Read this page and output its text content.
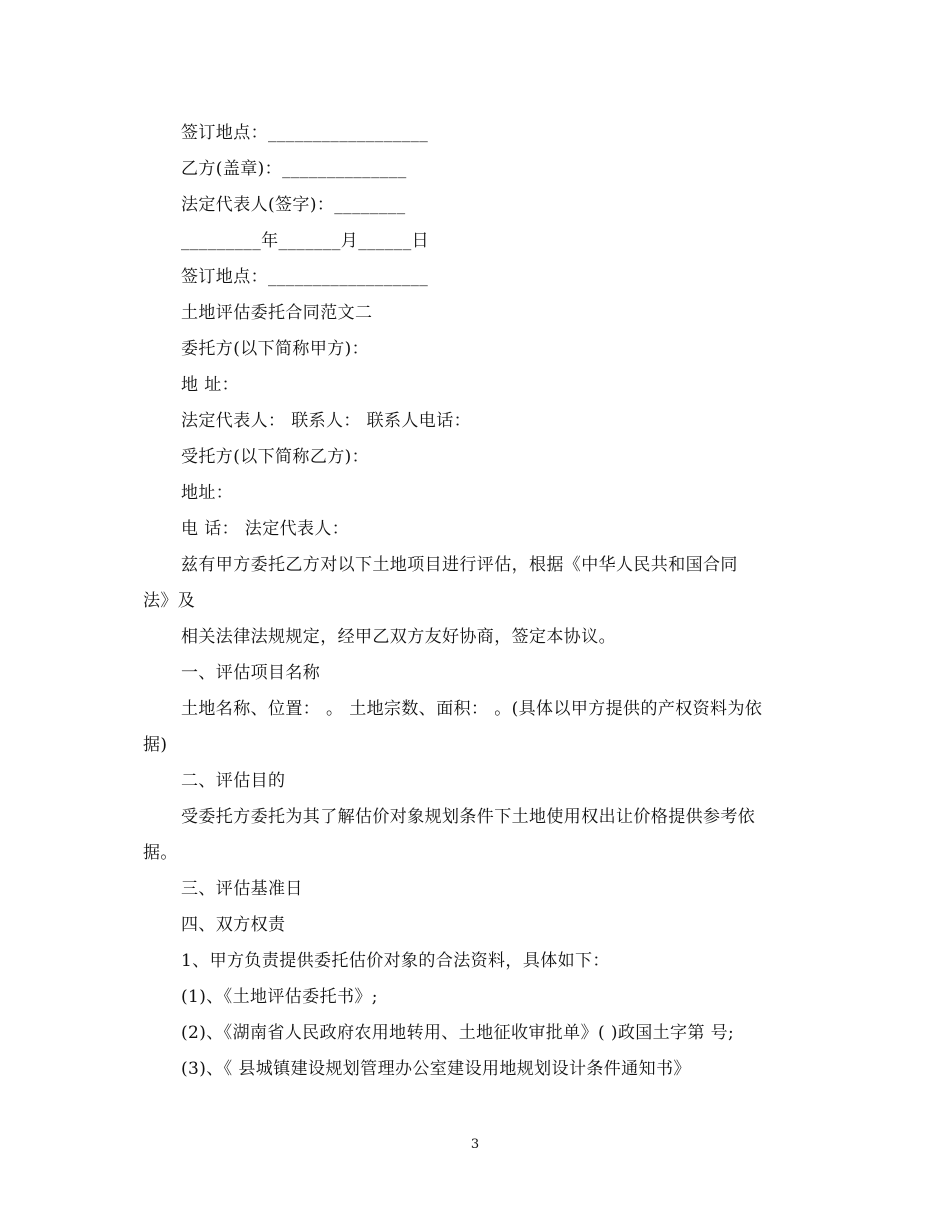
签订地点：__________________
乙方(盖章)：______________
法定代表人(签字)：________
_________年_______月______日
签订地点：__________________
土地评估委托合同范文二
委托方(以下简称甲方)：
地 址：
法定代表人： 联系人： 联系人电话：
受托方(以下简称乙方)：
地址：
电 话： 法定代表人：
兹有甲方委托乙方对以下土地项目进行评估，根据《中华人民共和国合同
法》及
相关法律法规规定，经甲乙双方友好协商，签定本协议。
一、评估项目名称
土地名称、位置： 。 土地宗数、面积： 。(具体以甲方提供的产权资料为依
据)
二、评估目的
受委托方委托为其了解估价对象规划条件下土地使用权出让价格提供参考依
据。
三、评估基准日
四、双方权责
1、甲方负责提供委托估价对象的合法资料，具体如下：
(1)、《土地评估委托书》;
(2)、《湖南省人民政府农用地转用、土地征收审批单》( )政国土字第 号;
(3)、《 县城镇建设规划管理办公室建设用地规划设计条件通知书》
3
